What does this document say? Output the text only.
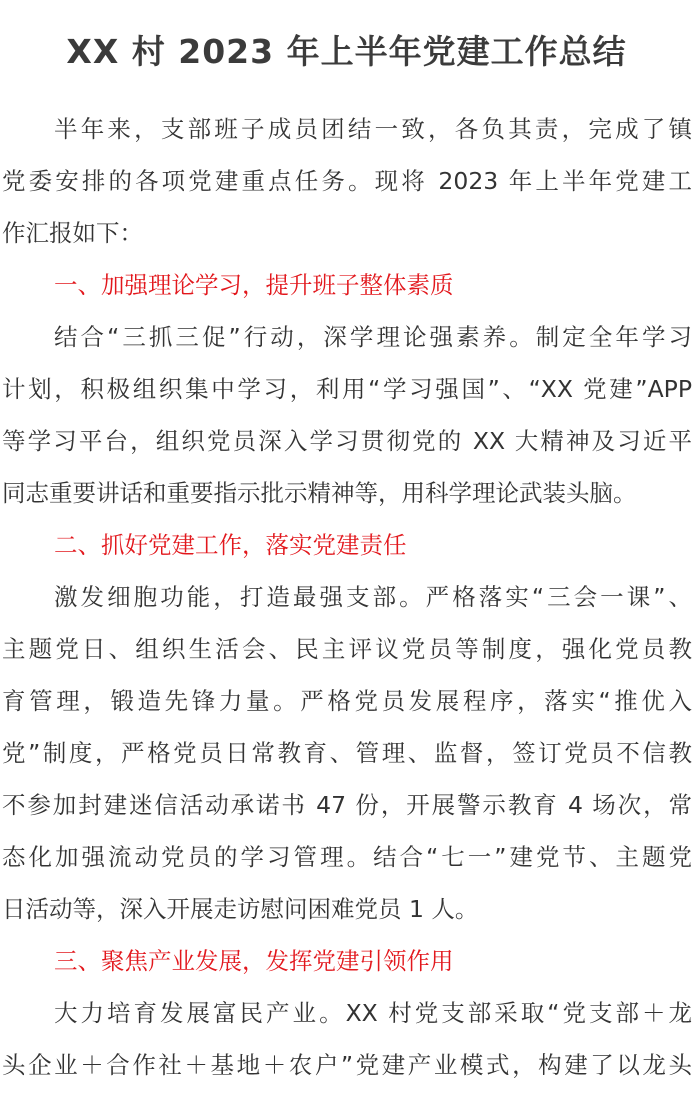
XX 村 2023 年上半年党建工作总结
半年来，支部班子成员团结一致，各负其责，完成了镇
党委安排的各项党建重点任务。现将 2023 年上半年党建工
作汇报如下：
一、加强理论学习，提升班子整体素质
结合“三抓三促”行动，深学理论强素养。制定全年学习
计划，积极组织集中学习，利用“学习强国”、“XX 党建”APP
等学习平台，组织党员深入学习贯彻党的 XX 大精神及习近平
同志重要讲话和重要指示批示精神等，用科学理论武装头脑。
二、抓好党建工作，落实党建责任
激发细胞功能，打造最强支部。严格落实“三会一课”、
主题党日、组织生活会、民主评议党员等制度，强化党员教
育管理，锻造先锋力量。严格党员发展程序，落实“推优入
党”制度，严格党员日常教育、管理、监督，签订党员不信教
不参加封建迷信活动承诺书 47 份，开展警示教育 4 场次，常
态化加强流动党员的学习管理。结合“七一”建党节、主题党
日活动等，深入开展走访慰问困难党员 1 人。
三、聚焦产业发展，发挥党建引领作用
大力培育发展富民产业。XX 村党支部采取“党支部＋龙
头企业＋合作社＋基地＋农户”党建产业模式，构建了以龙头
